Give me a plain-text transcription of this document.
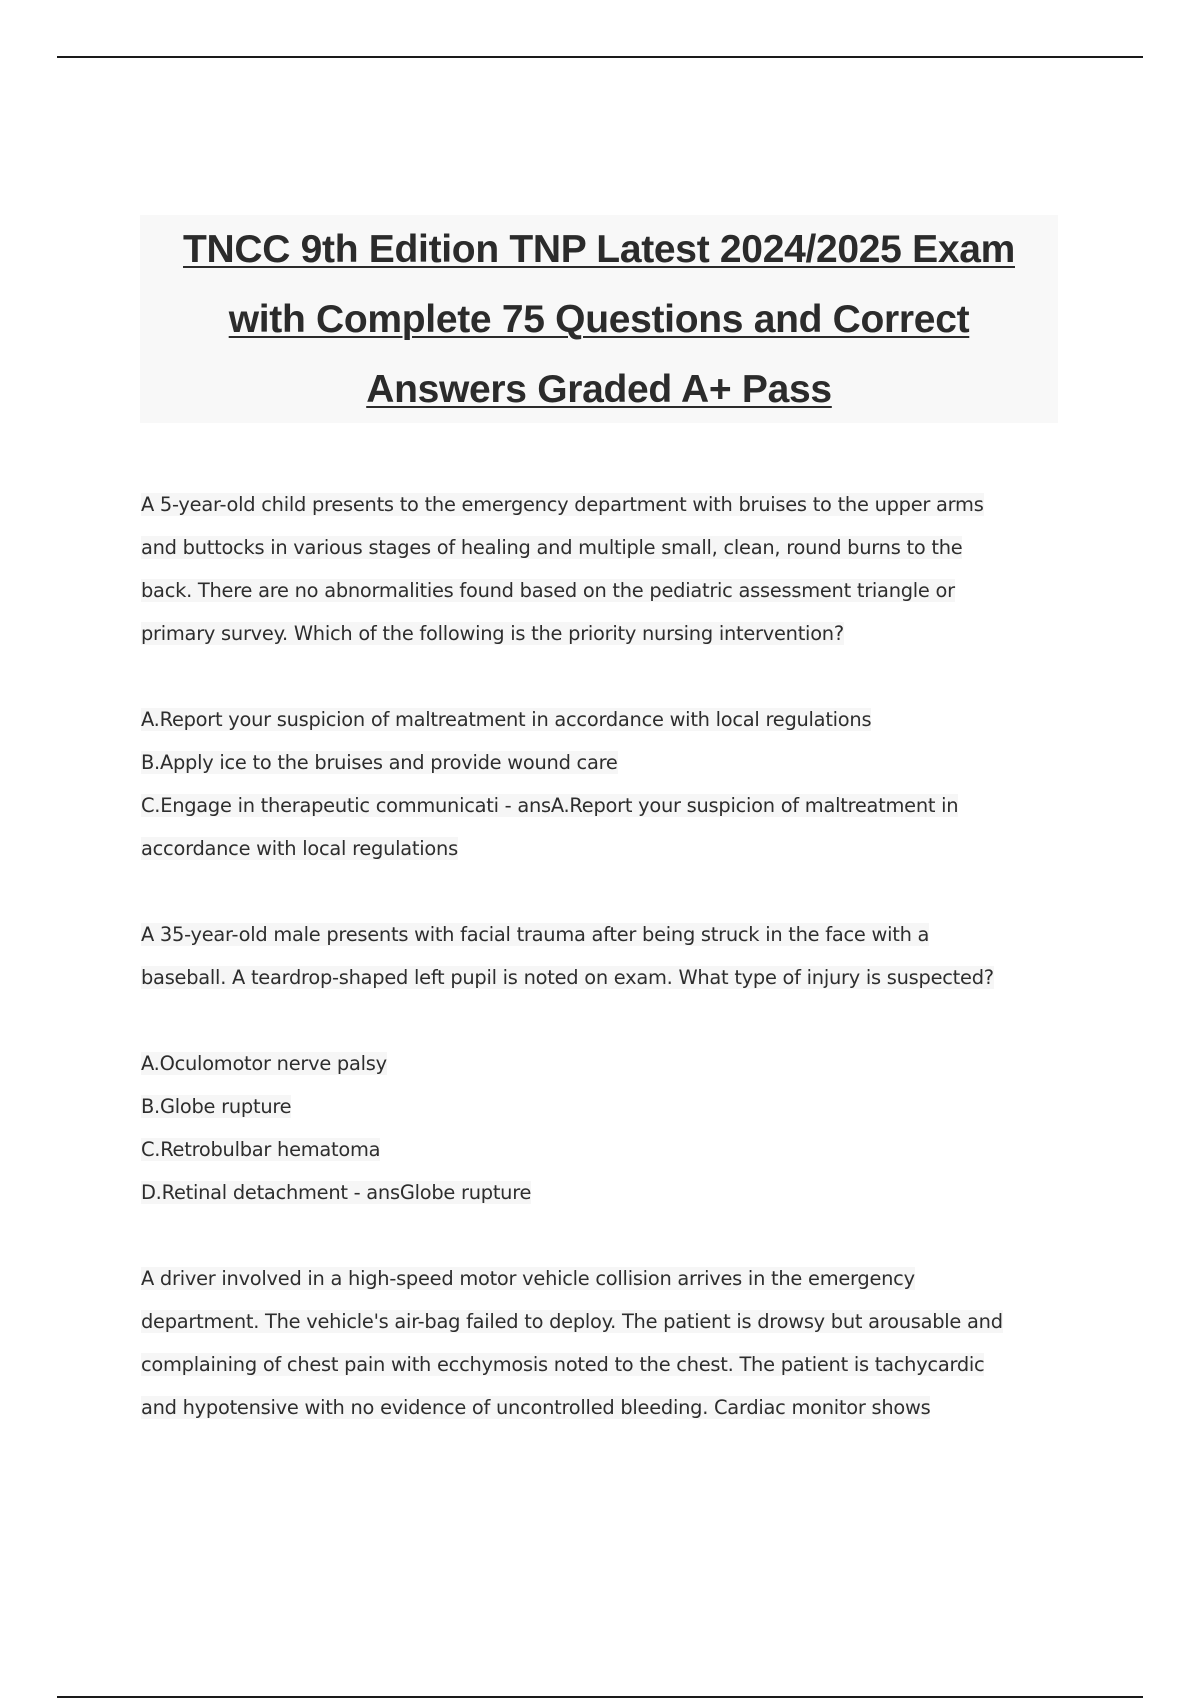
TNCC 9th Edition TNP Latest 2024/2025 Exam
with Complete 75 Questions and Correct
Answers Graded A+ Pass
A 5-year-old child presents to the emergency department with bruises to the upper arms
and buttocks in various stages of healing and multiple small, clean, round burns to the
back. There are no abnormalities found based on the pediatric assessment triangle or
primary survey. Which of the following is the priority nursing intervention?
A.Report your suspicion of maltreatment in accordance with local regulations
B.Apply ice to the bruises and provide wound care
C.Engage in therapeutic communicati - ansA.Report your suspicion of maltreatment in
accordance with local regulations
A 35-year-old male presents with facial trauma after being struck in the face with a
baseball. A teardrop-shaped left pupil is noted on exam. What type of injury is suspected?
A.Oculomotor nerve palsy
B.Globe rupture
C.Retrobulbar hematoma
D.Retinal detachment - ansGlobe rupture
A driver involved in a high-speed motor vehicle collision arrives in the emergency
department. The vehicle's air-bag failed to deploy. The patient is drowsy but arousable and
complaining of chest pain with ecchymosis noted to the chest. The patient is tachycardic
and hypotensive with no evidence of uncontrolled bleeding. Cardiac monitor shows
